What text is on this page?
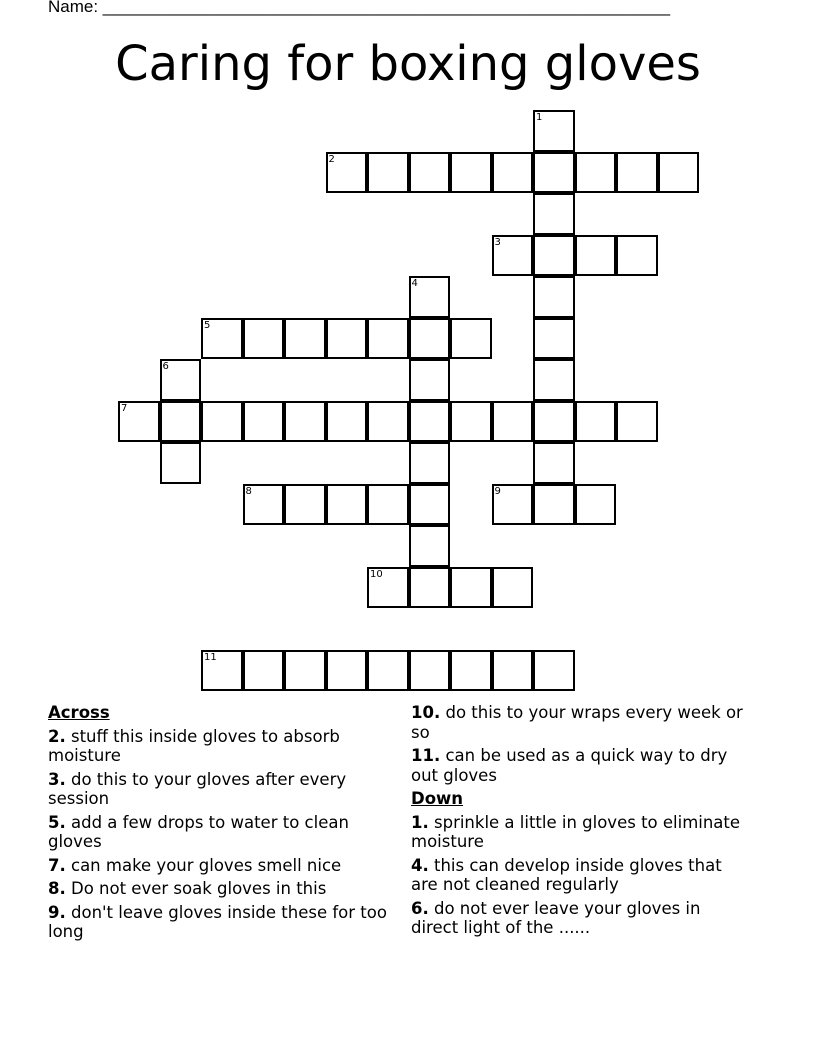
Name: ____________________________________________________________
Caring for boxing gloves
1
2
3
4
5
6
7
8	9
10
11
Across
2. stuff this inside gloves to absorb moisture
3. do this to your gloves after every session
5. add a few drops to water to clean gloves
7. can make your gloves smell nice
8. Do not ever soak gloves in this
9. don't leave gloves inside these for too long
10. do this to your wraps every week or so
11. can be used as a quick way to dry out gloves
Down
1. sprinkle a little in gloves to eliminate moisture
4. this can develop inside gloves that are not cleaned regularly
6. do not ever leave your gloves in direct light of the ......
